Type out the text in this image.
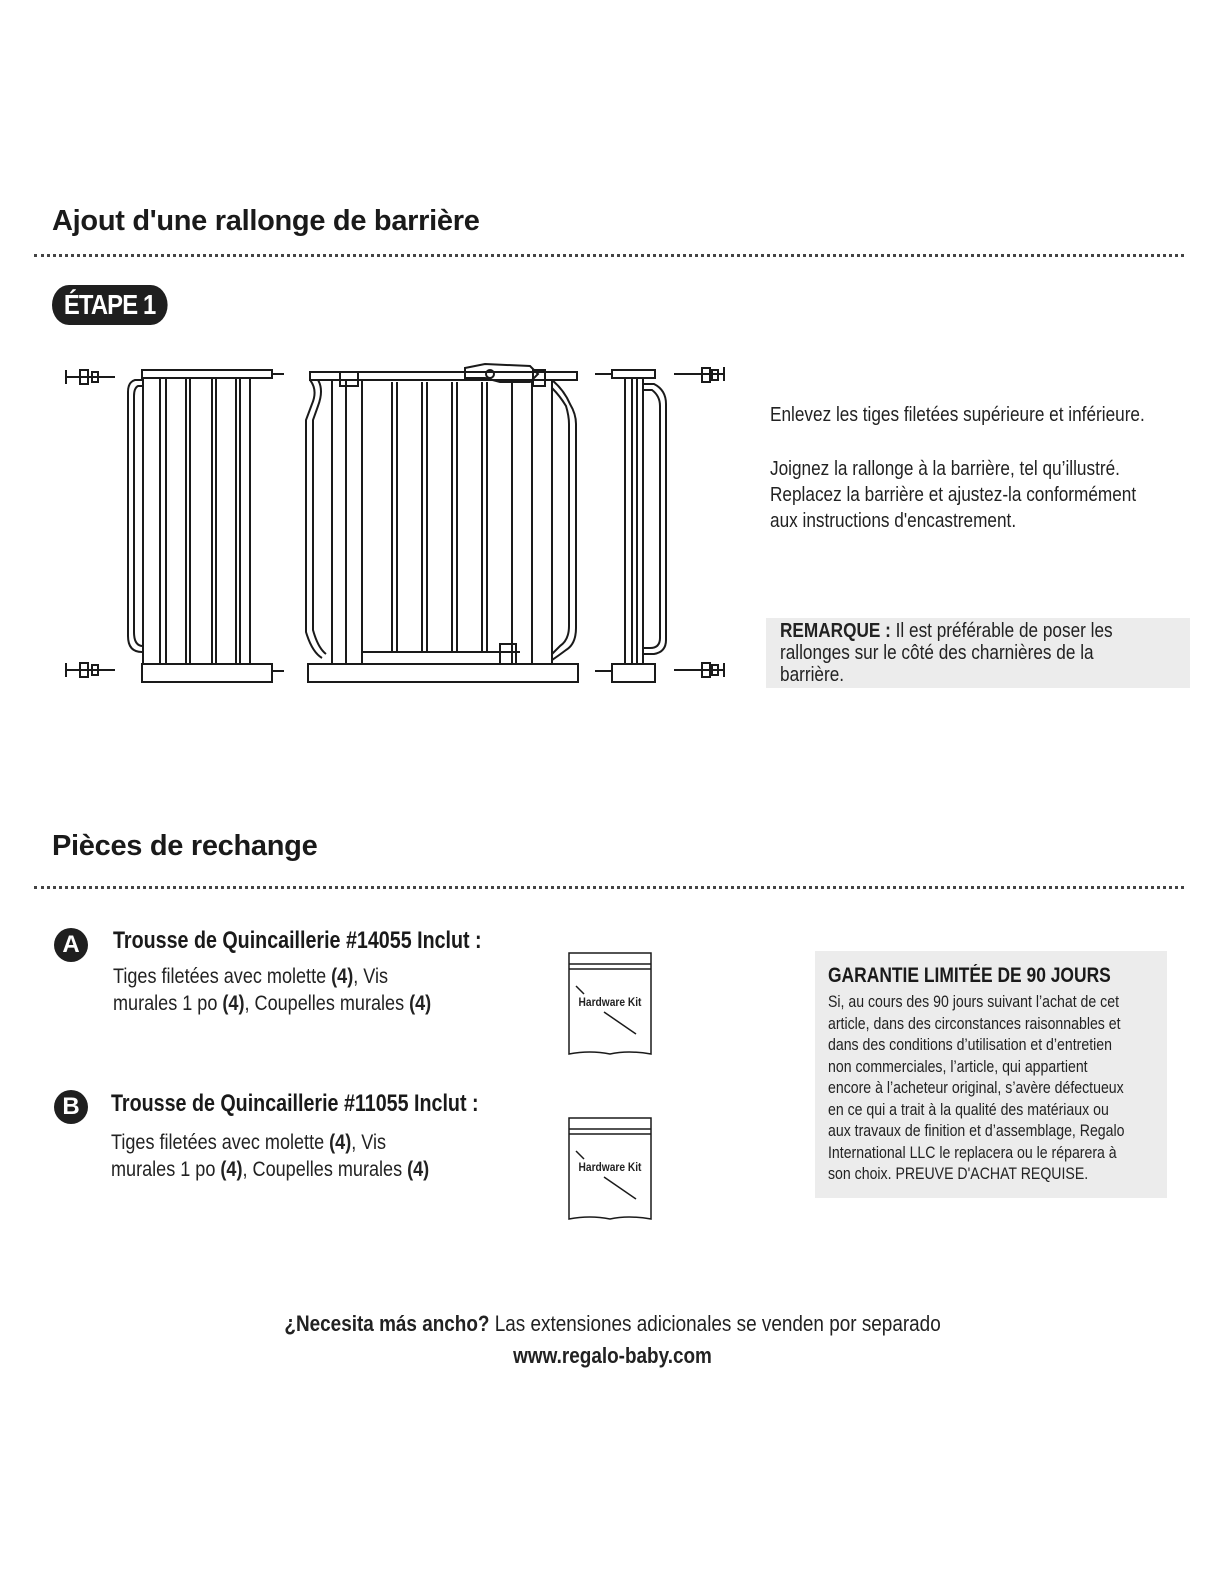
Ajout d'une rallonge de barrière
ÉTAPE 1
Enlevez les tiges filetées supérieure et inférieure.
Joignez la rallonge à la barrière, tel qu’illustré.
Replacez la barrière et ajustez-la conformément
aux instructions d'encastrement.
REMARQUE : Il est préférable de poser les
rallonges sur le côté des charnières de la
barrière.
Pièces de rechange
A	Trousse de Quincaillerie #14055 Inclut :
Tiges filetées avec molette (4), Vis
murales 1 po (4), Coupelles murales (4)	Hardware Kit
B	Trousse de Quincaillerie #11055 Inclut :
Tiges filetées avec molette (4), Vis
murales 1 po (4), Coupelles murales (4)	Hardware Kit
GARANTIE LIMITÉE DE 90 JOURS
Si, au cours des 90 jours suivant l’achat de cet
article, dans des circonstances raisonnables et
dans des conditions d’utilisation et d’entretien
non commerciales, l’article, qui appartient
encore à l’acheteur original, s’avère défectueux
en ce qui a trait à la qualité des matériaux ou
aux travaux de finition et d’assemblage, Regalo
International LLC le replacera ou le réparera à
son choix. PREUVE D'ACHAT REQUISE.
¿Necesita más ancho? Las extensiones adicionales se venden por separado
www.regalo-baby.com
